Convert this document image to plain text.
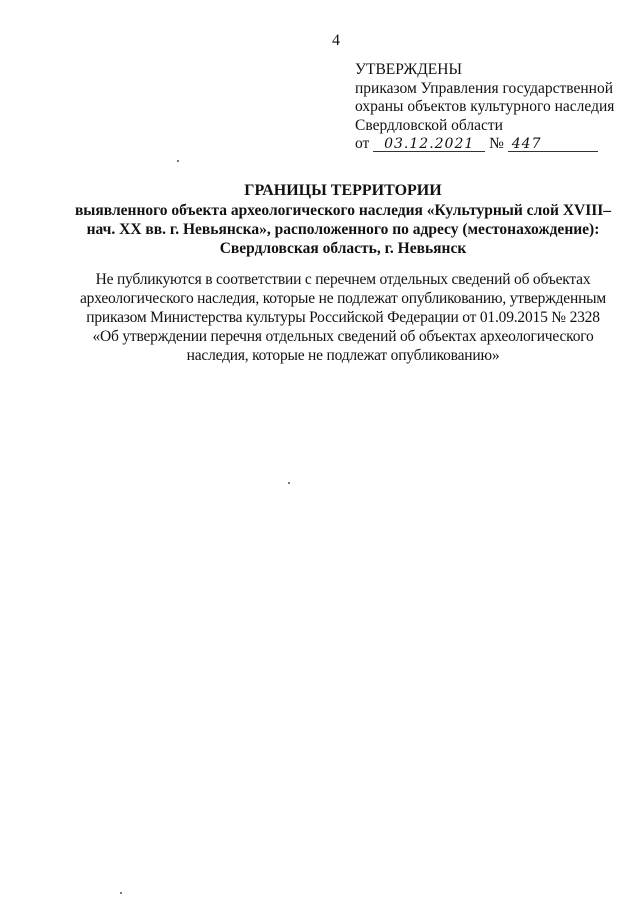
4
УТВЕРЖДЕНЫ
приказом Управления государственной
охраны объектов культурного наследия
Свердловской области
от 03.12.2021 № 447
ГРАНИЦЫ ТЕРРИТОРИИ
выявленного объекта археологического наследия «Культурный слой XVIII–
нач. XX вв. г. Невьянска», расположенного по адресу (местонахождение):
Свердловская область, г. Невьянск
Не публикуются в соответствии с перечнем отдельных сведений об объектах
археологического наследия, которые не подлежат опубликованию, утвержденным
приказом Министерства культуры Российской Федерации от 01.09.2015 № 2328
«Об утверждении перечня отдельных сведений об объектах археологического
наследия, которые не подлежат опубликованию»
